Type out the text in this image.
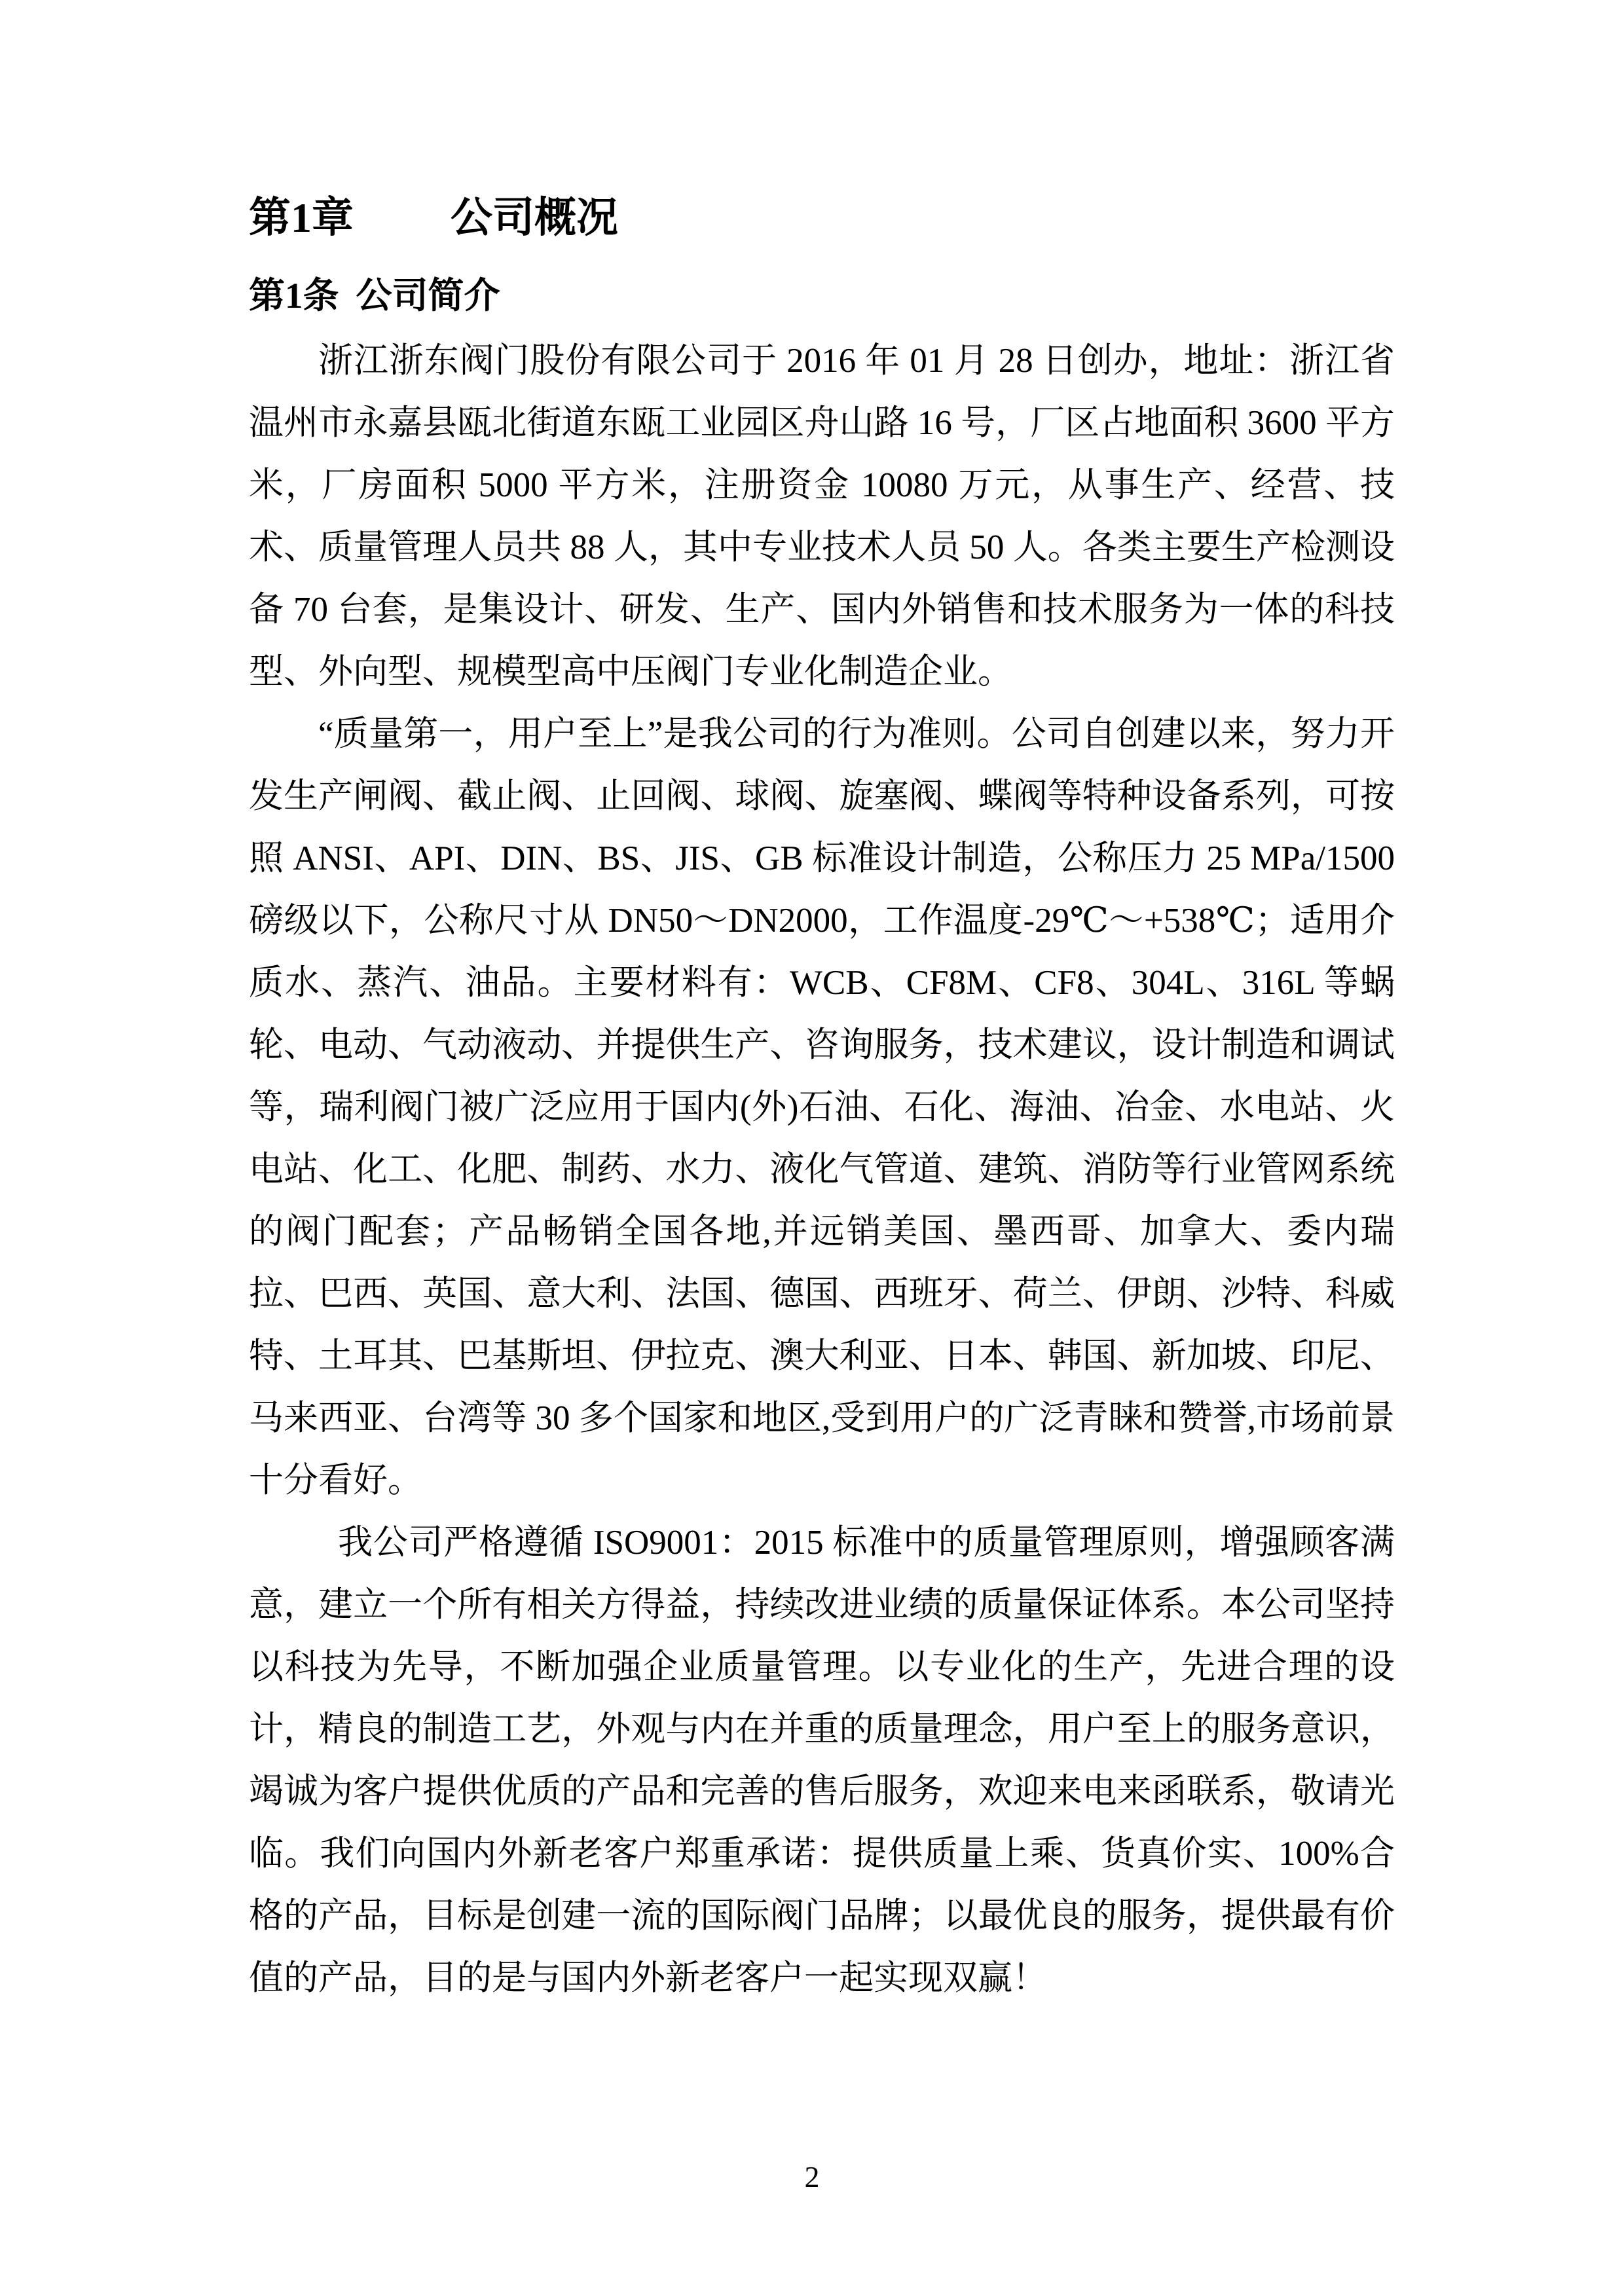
第1章 公司概况
第1条 公司简介

浙江浙东阀门股份有限公司于 2016 年 01 月 28 日创办，地址：浙江省温州市永嘉县瓯北街道东瓯工业园区舟山路 16 号，厂区占地面积 3600 平方米，厂房面积 5000 平方米，注册资金 10080 万元，从事生产、经营、技术、质量管理人员共 88 人，其中专业技术人员 50 人。各类主要生产检测设备 70 台套，是集设计、研发、生产、国内外销售和技术服务为一体的科技型、外向型、规模型高中压阀门专业化制造企业。

“质量第一，用户至上”是我公司的行为准则。公司自创建以来，努力开发生产闸阀、截止阀、止回阀、球阀、旋塞阀、蝶阀等特种设备系列，可按照 ANSI、API、DIN、BS、JIS、GB 标准设计制造，公称压力 25 MPa/1500 磅级以下，公称尺寸从 DN50～DN2000，工作温度-29℃～+538℃；适用介质水、蒸汽、油品。主要材料有：WCB、CF8M、CF8、304L、316L 等蜗轮、电动、气动液动、并提供生产、咨询服务，技术建议，设计制造和调试等，瑞利阀门被广泛应用于国内(外)石油、石化、海油、冶金、水电站、火电站、化工、化肥、制药、水力、液化气管道、建筑、消防等行业管网系统的阀门配套；产品畅销全国各地,并远销美国、墨西哥、加拿大、委内瑞拉、巴西、英国、意大利、法国、德国、西班牙、荷兰、伊朗、沙特、科威特、土耳其、巴基斯坦、伊拉克、澳大利亚、日本、韩国、新加坡、印尼、马来西亚、台湾等 30 多个国家和地区,受到用户的广泛青睐和赞誉,市场前景十分看好。

我公司严格遵循 ISO9001：2015 标准中的质量管理原则，增强顾客满意，建立一个所有相关方得益，持续改进业绩的质量保证体系。本公司坚持以科技为先导，不断加强企业质量管理。以专业化的生产，先进合理的设计，精良的制造工艺，外观与内在并重的质量理念，用户至上的服务意识，竭诚为客户提供优质的产品和完善的售后服务，欢迎来电来函联系，敬请光临。我们向国内外新老客户郑重承诺：提供质量上乘、货真价实、100%合格的产品，目标是创建一流的国际阀门品牌；以最优良的服务，提供最有价值的产品，目的是与国内外新老客户一起实现双赢！

2
